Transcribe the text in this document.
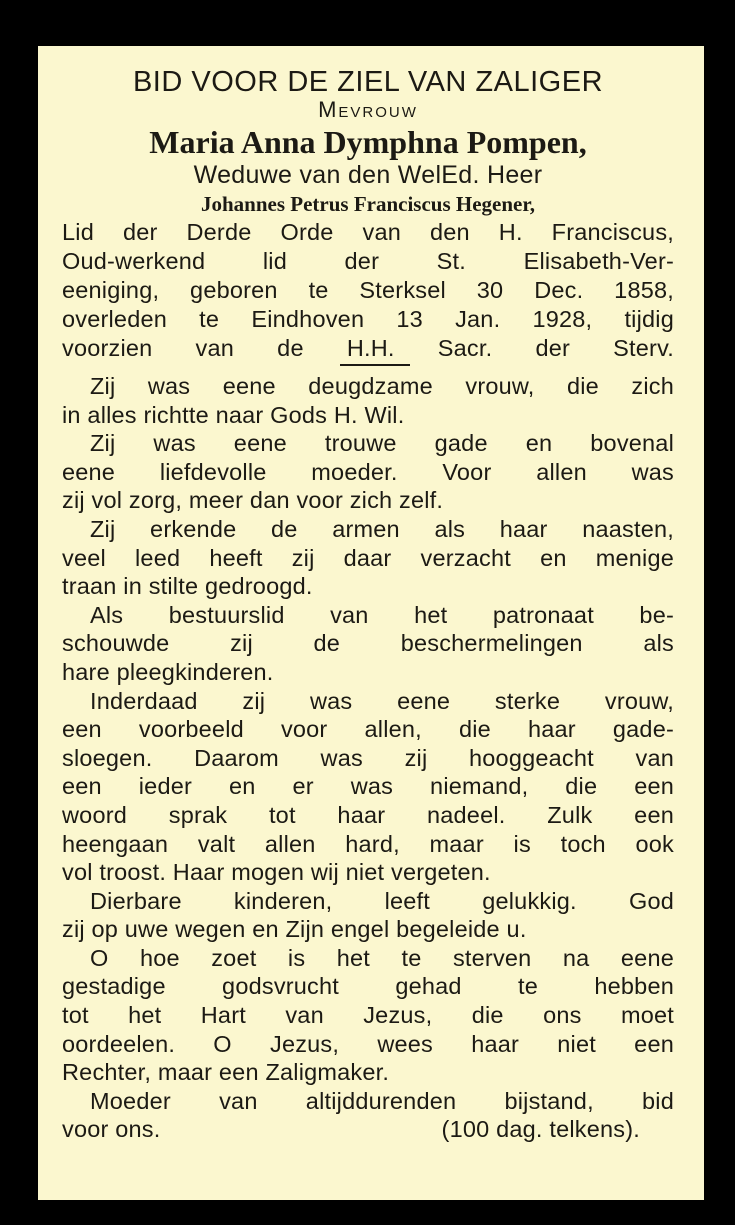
BID VOOR DE ZIEL VAN ZALIGER
Mevrouw
Maria Anna Dymphna Pompen,
Weduwe van den WelEd. Heer
Johannes Petrus Franciscus Hegener,
Lid der Derde Orde van den H. Franciscus,
Oud-werkend lid der St. Elisabeth-Ver-
eeniging, geboren te Sterksel 30 Dec. 1858,
overleden te Eindhoven 13 Jan. 1928, tijdig
voorzien van de H.H. Sacr. der Sterv.
Zij was eene deugdzame vrouw, die zich
in alles richtte naar Gods H. Wil.
Zij was eene trouwe gade en bovenal
eene liefdevolle moeder. Voor allen was
zij vol zorg, meer dan voor zich zelf.
Zij erkende de armen als haar naasten,
veel leed heeft zij daar verzacht en menige
traan in stilte gedroogd.
Als bestuurslid van het patronaat be-
schouwde zij de beschermelingen als
hare pleegkinderen.
Inderdaad zij was eene sterke vrouw,
een voorbeeld voor allen, die haar gade-
sloegen. Daarom was zij hooggeacht van
een ieder en er was niemand, die een
woord sprak tot haar nadeel. Zulk een
heengaan valt allen hard, maar is toch ook
vol troost. Haar mogen wij niet vergeten.
Dierbare kinderen, leeft gelukkig. God
zij op uwe wegen en Zijn engel begeleide u.
O hoe zoet is het te sterven na eene
gestadige godsvrucht gehad te hebben
tot het Hart van Jezus, die ons moet
oordeelen. O Jezus, wees haar niet een
Rechter, maar een Zaligmaker.
Moeder van altijddurenden bijstand, bid
voor ons.	(100 dag. telkens).
